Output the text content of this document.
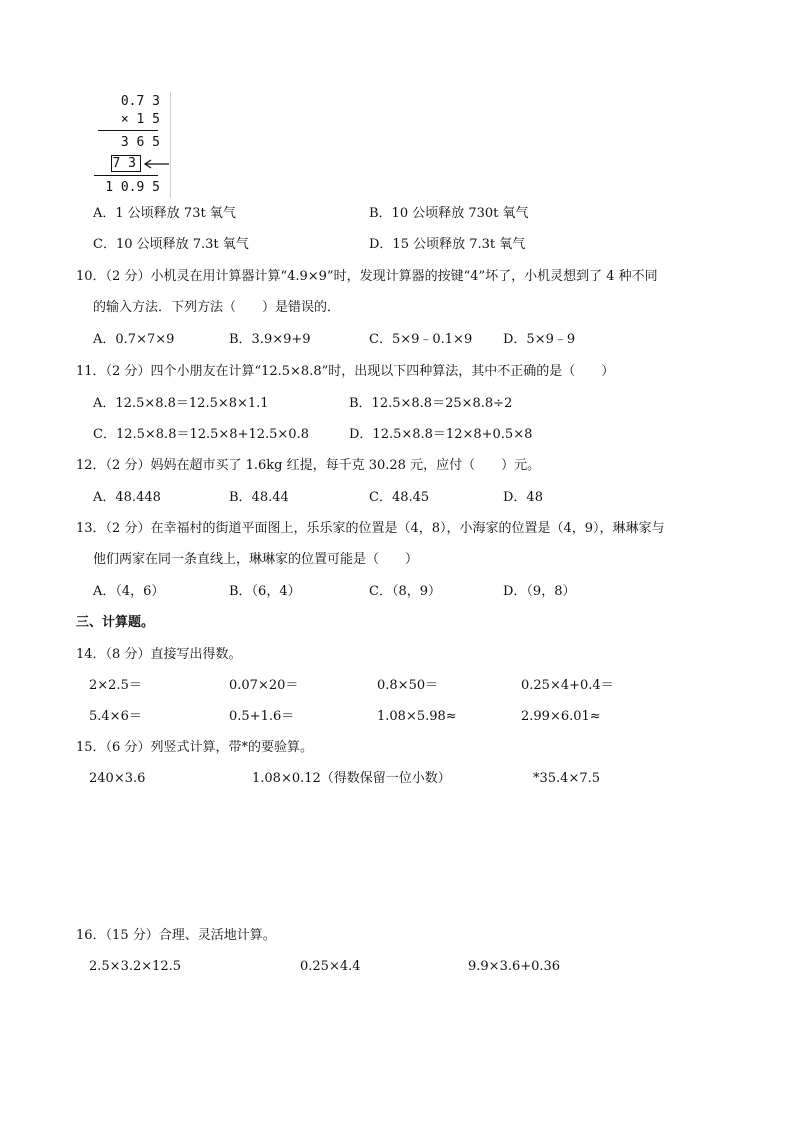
0.7 3
× 1 5
3 6 5
7 3
1 0.9 5
A．1 公顷释放 73t 氧气	B．10 公顷释放 730t 氧气
C．10 公顷释放 7.3t 氧气	D．15 公顷释放 7.3t 氧气
10．（2 分）小机灵在用计算器计算“4.9×9”时，发现计算器的按键“4”坏了，小机灵想到了 4 种不同
的输入方法．下列方法（　　）是错误的．
A．0.7×7×9	B．3.9×9+9	C．5×9﹣0.1×9 D．5×9﹣9
11．（2 分）四个小朋友在计算“12.5×8.8”时，出现以下四种算法，其中不正确的是（　　）
A．12.5×8.8＝12.5×8×1.1	B．12.5×8.8＝25×8.8÷2
C．12.5×8.8＝12.5×8+12.5×0.8	D．12.5×8.8＝12×8+0.5×8
12．（2 分）妈妈在超市买了 1.6kg 红提，每千克 30.28 元，应付（　　）元。
A．48.448	B．48.44	C．48.45	D．48
13．（2 分）在幸福村的街道平面图上，乐乐家的位置是（4，8），小海家的位置是（4，9），琳琳家与
他们两家在同一条直线上，琳琳家的位置可能是（　　）
A．（4，6）	B．（6，4）	C．（8，9）	D．（9，8）
三、计算题。
14．（8 分）直接写出得数。
2×2.5＝	0.07×20＝	0.8×50＝	0.25×4+0.4＝
5.4×6＝	0.5+1.6＝	1.08×5.98≈	2.99×6.01≈
15．（6 分）列竖式计算，带*的要验算。
240×3.6	1.08×0.12（得数保留一位小数）	*35.4×7.5
16．（15 分）合理、灵活地计算。
2.5×3.2×12.5	0.25×4.4	9.9×3.6+0.36
